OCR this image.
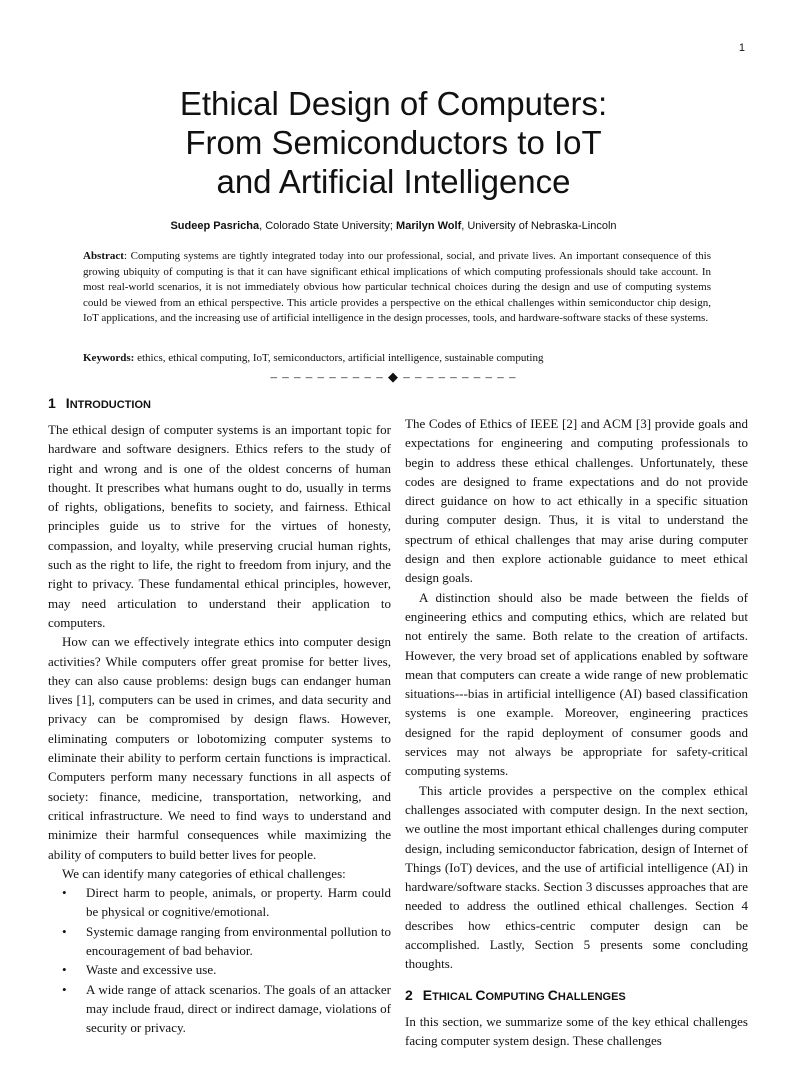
1
Ethical Design of Computers:
From Semiconductors to IoT
and Artificial Intelligence
Sudeep Pasricha, Colorado State University; Marilyn Wolf, University of Nebraska-Lincoln

Abstract: Computing systems are tightly integrated today into our professional, social, and private lives. An important consequence of this growing ubiquity of computing is that it can have significant ethical implications of which computing professionals should take account. In most real-world scenarios, it is not immediately obvious how particular technical choices during the design and use of computing systems could be viewed from an ethical perspective. This article provides a perspective on the ethical challenges within semiconductor chip design, IoT applications, and the increasing use of artificial intelligence in the design processes, tools, and hardware-software stacks of these systems.

Keywords: ethics, ethical computing, IoT, semiconductors, artificial intelligence, sustainable computing

– – – – – – – – – – ◆ – – – – – – – – – –
1 INTRODUCTION

The ethical design of computer systems is an important topic for hardware and software designers. Ethics refers to the study of right and wrong and is one of the oldest concerns of human thought. It prescribes what humans ought to do, usually in terms of rights, obligations, benefits to society, and fairness. Ethical principles guide us to strive for the virtues of honesty, compassion, and loyalty, while preserving crucial human rights, such as the right to life, the right to freedom from injury, and the right to privacy. These fundamental ethical principles, however, may need articulation to understand their application to computers.

How can we effectively integrate ethics into computer design activities? While computers offer great promise for better lives, they can also cause problems: design bugs can endanger human lives [1], computers can be used in crimes, and data security and privacy can be compromised by design flaws. However, eliminating computers or lobotomizing computer systems to eliminate their ability to perform certain functions is impractical. Computers perform many necessary functions in all aspects of society: finance, medicine, transportation, networking, and critical infrastructure. We need to find ways to understand and minimize their harmful consequences while maximizing the ability of computers to build better lives for people.

We can identify many categories of ethical challenges:

• Direct harm to people, animals, or property. Harm could be physical or cognitive/emotional.
• Systemic damage ranging from environmental pollution to encouragement of bad behavior.
• Waste and excessive use.
• A wide range of attack scenarios. The goals of an attacker may include fraud, direct or indirect damage, violations of security or privacy.

The Codes of Ethics of IEEE [2] and ACM [3] provide goals and expectations for engineering and computing professionals to begin to address these ethical challenges. Unfortunately, these codes are designed to frame expectations and do not provide direct guidance on how to act ethically in a specific situation during computer design. Thus, it is vital to understand the spectrum of ethical challenges that may arise during computer design and then explore actionable guidance to meet ethical design goals.

A distinction should also be made between the fields of engineering ethics and computing ethics, which are related but not entirely the same. Both relate to the creation of artifacts. However, the very broad set of applications enabled by software mean that computers can create a wide range of new problematic situations---bias in artificial intelligence (AI) based classification systems is one example. Moreover, engineering practices designed for the rapid deployment of consumer goods and services may not always be appropriate for safety-critical computing systems.

This article provides a perspective on the complex ethical challenges associated with computer design. In the next section, we outline the most important ethical challenges during computer design, including semiconductor fabrication, design of Internet of Things (IoT) devices, and the use of artificial intelligence (AI) in hardware/software stacks. Section 3 discusses approaches that are needed to address the outlined ethical challenges. Section 4 describes how ethics-centric computer design can be accomplished. Lastly, Section 5 presents some concluding thoughts.

2 ETHICAL COMPUTING CHALLENGES

In this section, we summarize some of the key ethical challenges facing computer system design. These challenges
